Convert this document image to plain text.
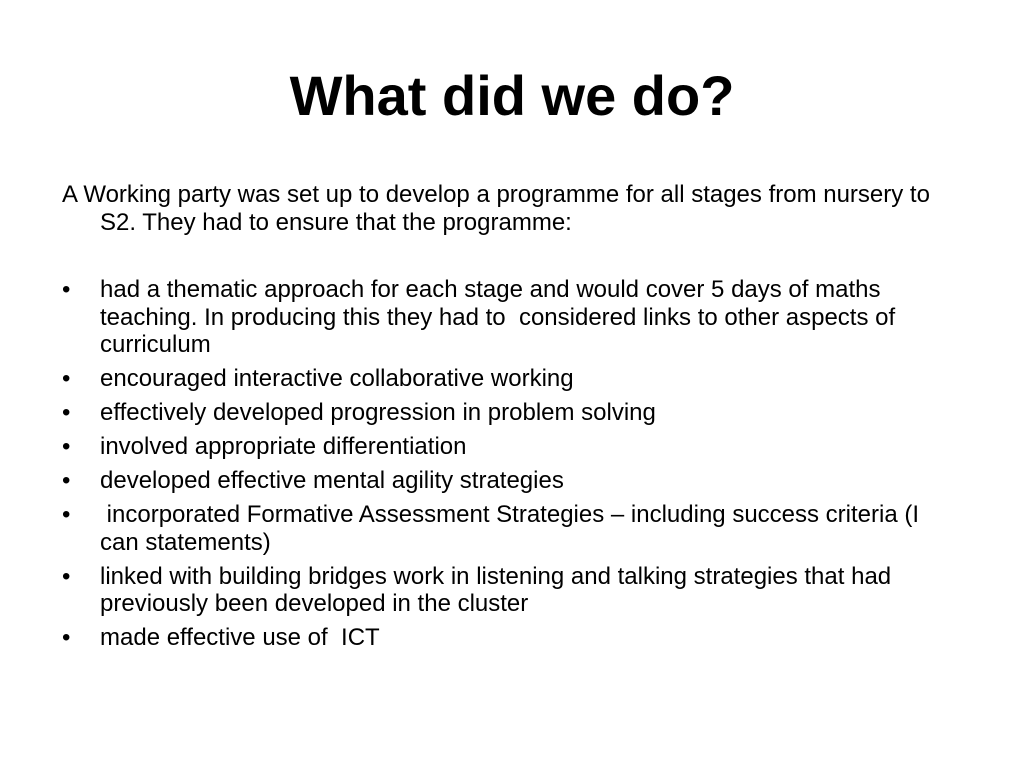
What did we do?

A Working party was set up to develop a programme for all stages from nursery to S2. They had to ensure that the programme:

• had a thematic approach for each stage and would cover 5 days of maths teaching. In producing this they had to  considered links to other aspects of curriculum
• encouraged interactive collaborative working
• effectively developed progression in problem solving
• involved appropriate differentiation
• developed effective mental agility strategies
• incorporated Formative Assessment Strategies – including success criteria (I can statements)
• linked with building bridges work in listening and talking strategies that had previously been developed in the cluster
• made effective use of  ICT
